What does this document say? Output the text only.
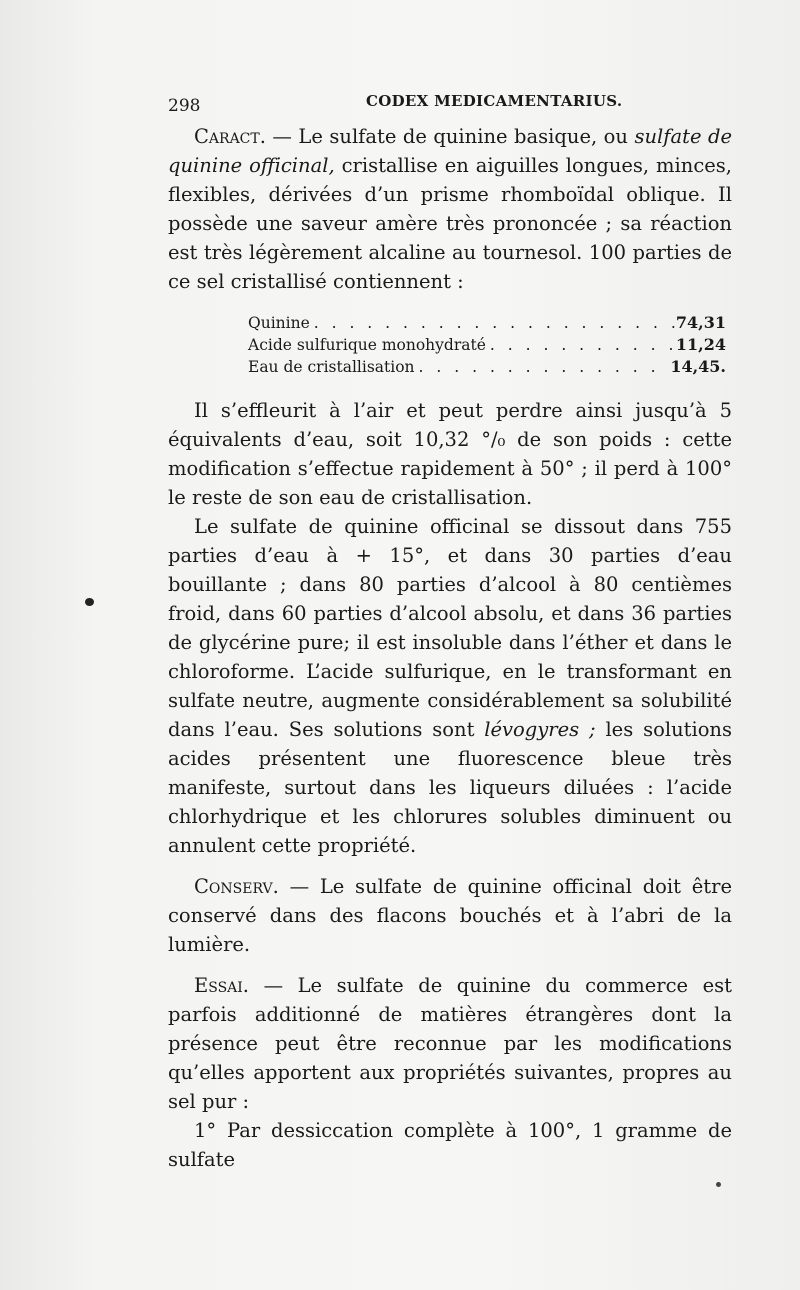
298	CODEX MEDICAMENTARIUS.

Caract. — Le sulfate de quinine basique, ou sulfate de quinine officinal, cristallise en aiguilles longues, minces, flexibles, dérivées d’un prisme rhomboïdal oblique. Il possède une saveur amère très prononcée ; sa réaction est très légèrement alcaline au tournesol. 100 parties de ce sel cristallisé contiennent :

Quinine . . .	74,31
Acide sulfurique monohydraté . . .	11,24
Eau de cristallisation . . .	14,45.

Il s’effleurit à l’air et peut perdre ainsi jusqu’à 5 équivalents d’eau, soit 10,32 °/₀ de son poids : cette modification s’effectue rapidement à 50° ; il perd à 100° le reste de son eau de cristallisation.

Le sulfate de quinine officinal se dissout dans 755 parties d’eau à + 15°, et dans 30 parties d’eau bouillante ; dans 80 parties d’alcool à 80 centièmes froid, dans 60 parties d’alcool absolu, et dans 36 parties de glycérine pure; il est insoluble dans l’éther et dans le chloroforme. L’acide sulfurique, en le transformant en sulfate neutre, augmente considérablement sa solubilité dans l’eau. Ses solutions sont lévogyres ; les solutions acides présentent une fluorescence bleue très manifeste, surtout dans les liqueurs diluées : l’acide chlorhydrique et les chlorures solubles diminuent ou annulent cette propriété.

Conserv. — Le sulfate de quinine officinal doit être conservé dans des flacons bouchés et à l’abri de la lumière.

Essai. — Le sulfate de quinine du commerce est parfois additionné de matières étrangères dont la présence peut être reconnue par les modifications qu’elles apportent aux propriétés suivantes, propres au sel pur :

1° Par dessiccation complète à 100°, 1 gramme de sulfate
